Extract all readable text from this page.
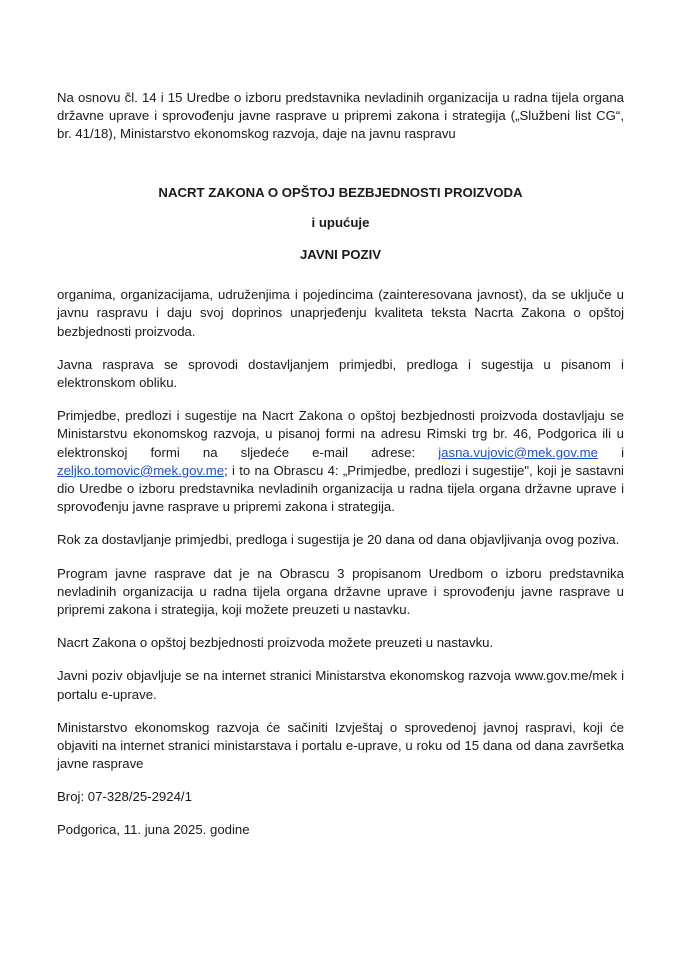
Na osnovu čl. 14 i 15 Uredbe o izboru predstavnika nevladinih organizacija u radna tijela organa državne uprave i sprovođenju javne rasprave u pripremi zakona i strategija („Službeni list CG“, br. 41/18), Ministarstvo ekonomskog razvoja, daje na javnu raspravu

NACRT ZAKONA O OPŠTOJ BEZBJEDNOSTI PROIZVODA

i upućuje

JAVNI POZIV

organima, organizacijama, udruženjima i pojedincima (zainteresovana javnost), da se uključe u javnu raspravu i daju svoj doprinos unaprjeđenju kvaliteta teksta Nacrta Zakona o opštoj bezbjednosti proizvoda.

Javna rasprava se sprovodi dostavljanjem primjedbi, predloga i sugestija u pisanom i elektronskom obliku.

Primjedbe, predlozi i sugestije na Nacrt Zakona o opštoj bezbjednosti proizvoda dostavljaju se Ministarstvu ekonomskog razvoja, u pisanoj formi na adresu Rimski trg br. 46, Podgorica ili u elektronskoj formi na sljedeće e-mail adrese: jasna.vujovic@mek.gov.me i zeljko.tomovic@mek.gov.me; i to na Obrascu 4: „Primjedbe, predlozi i sugestije", koji je sastavni dio Uredbe o izboru predstavnika nevladinih organizacija u radna tijela organa državne uprave i sprovođenju javne rasprave u pripremi zakona i strategija.

Rok za dostavljanje primjedbi, predloga i sugestija je 20 dana od dana objavljivanja ovog poziva.

Program javne rasprave dat je na Obrascu 3 propisanom Uredbom o izboru predstavnika nevladinih organizacija u radna tijela organa državne uprave i sprovođenju javne rasprave u pripremi zakona i strategija, koji možete preuzeti u nastavku.

Nacrt Zakona o opštoj bezbjednosti proizvoda možete preuzeti u nastavku.

Javni poziv objavljuje se na internet stranici Ministarstva ekonomskog razvoja www.gov.me/mek i portalu e-uprave.

Ministarstvo ekonomskog razvoja će sačiniti Izvještaj o sprovedenoj javnoj raspravi, koji će objaviti na internet stranici ministarstava i portalu e-uprave, u roku od 15 dana od dana završetka javne rasprave

Broj: 07-328/25-2924/1

Podgorica, 11. juna 2025. godine
